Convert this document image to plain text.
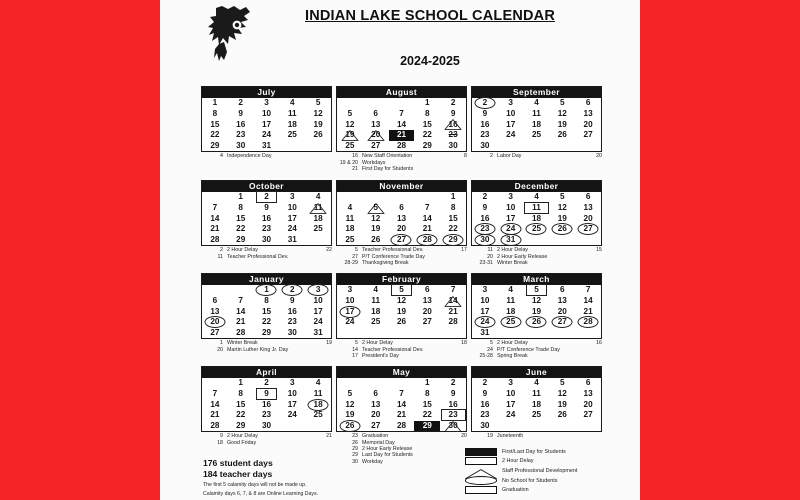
INDIAN LAKE SCHOOL CALENDAR
2024-2025
July
1	2	3	4	5
8	9	10	11	12
15	16	17	18	19
22	23	24	25	26
29	30	31		
4 Independence Day
August
			1	2
5	6	7	8	9
12	13	14	15	16

19	20	21	22	23
25	27	28	29	30
16 New Staff Orientation	8
19 & 20 Workdays
21 First Day for Students
September
2	3	4	5	6
9	10	11	12	13
16	17	18	19	20
23	24	25	26	27
30				
2 Labor Day	20
October
	1	2	3	4
7	8	9	10	11
14	15	16	17	18
21	22	23	24	25
28	29	30	31	
2 2 Hour Delay	22
11 Teacher Professional Dev.
November
				1
4	5	6	7	8
11	12	13	14	15
18	19	20	21	22
25	26	27	28	29
5 Teacher Professional Dev.	17
27 P/T Conference Trade Day
28-29 Thanksgiving Break
December
2	3	4	5	6
9	10	11	12	13
16	17	18	19	20
23	24	25	26	27
30	31			
11 2 Hour Delay	15
20 2 Hour Early Release
23-31 Winter Break
January
		1	2	3
6	7	8	9	10
13	14	15	16	17
20	21	22	23	24
27	28	29	30	31
1 Winter Break	19
20 Martin Luther King Jr. Day
February
3	4	5	6	7
10	11	12	13	14
17	18	19	20	21
24	25	26	27	28

5 2 Hour Delay	18
14 Teacher Professional Dev.
17 President's Day
March
3	4	5	6	7
10	11	12	13	14
17	18	19	20	21
24	25	26	27	28
31				
5 2 Hour Delay	16
24 P/T Conference Trade Day
25-28 Spring Break
April
	1	2	3	4
7	8	9	10	11
14	15	16	17	18
21	22	23	24	25
28	29	30		
9 2 Hour Delay	21
18 Good Friday
May
			1	2
5	6	7	8	9
12	13	14	15	16
19	20	21	22	23
26	27	28	29	30
23 Graduation	20
26 Memorial Day
29 2 Hour Early Release
29 Last Day for Students
30 Workday
June
2	3	4	5	6
9	10	11	12	13
16	17	18	19	20
23	24	25	26	27
30				
19 Juneteenth
176 student days
184 teacher days
The first 5 calamity days will not be made up.
Calamity days 6, 7, & 8 are Online Learning Days.
First/Last Day for Students
2 Hour Delay
Staff Professional Development
No School for Students
Graduation
